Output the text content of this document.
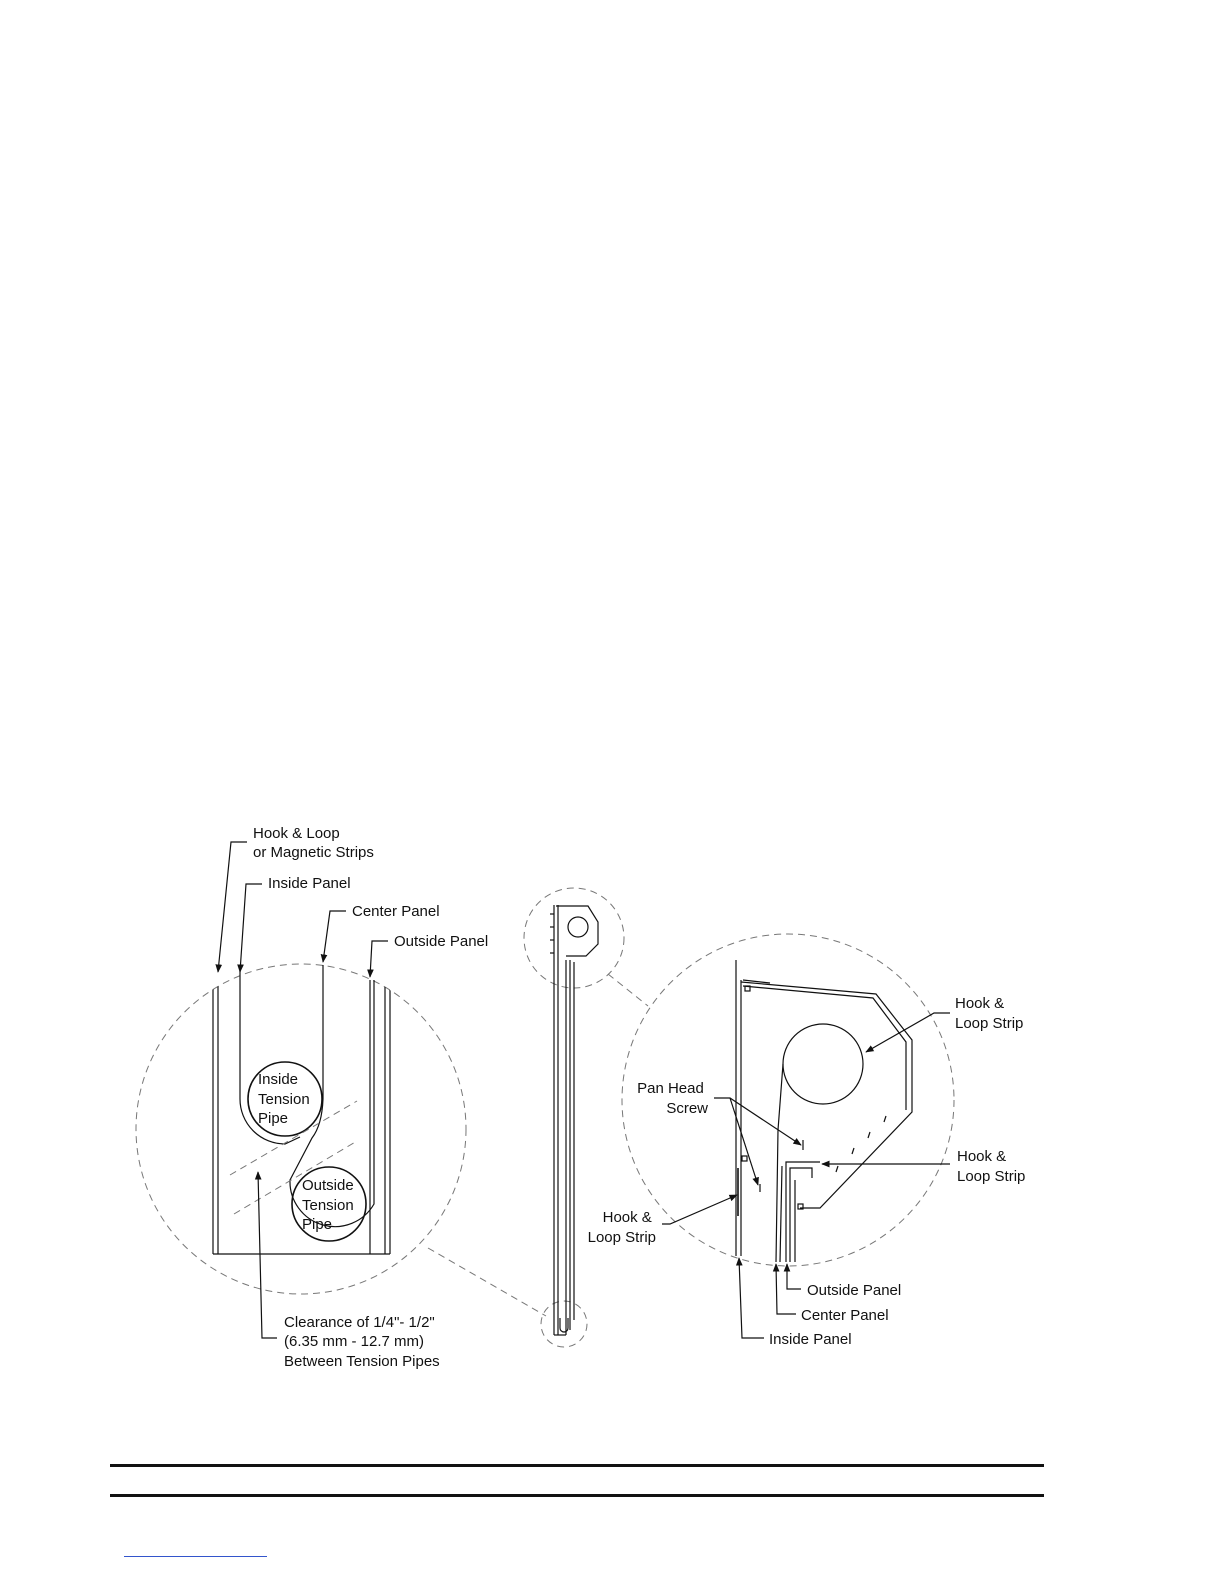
Hook & Loop or Magnetic Strips
Inside Panel
Center Panel
Outside Panel
Inside Tension Pipe
Outside Tension Pipe
Clearance of 1/4"- 1/2" (6.35 mm - 12.7 mm) Between Tension Pipes
Hook & Loop Strip
Hook & Loop Strip
Hook & Loop Strip
Pan Head Screw
Outside Panel
Center Panel
Inside Panel
